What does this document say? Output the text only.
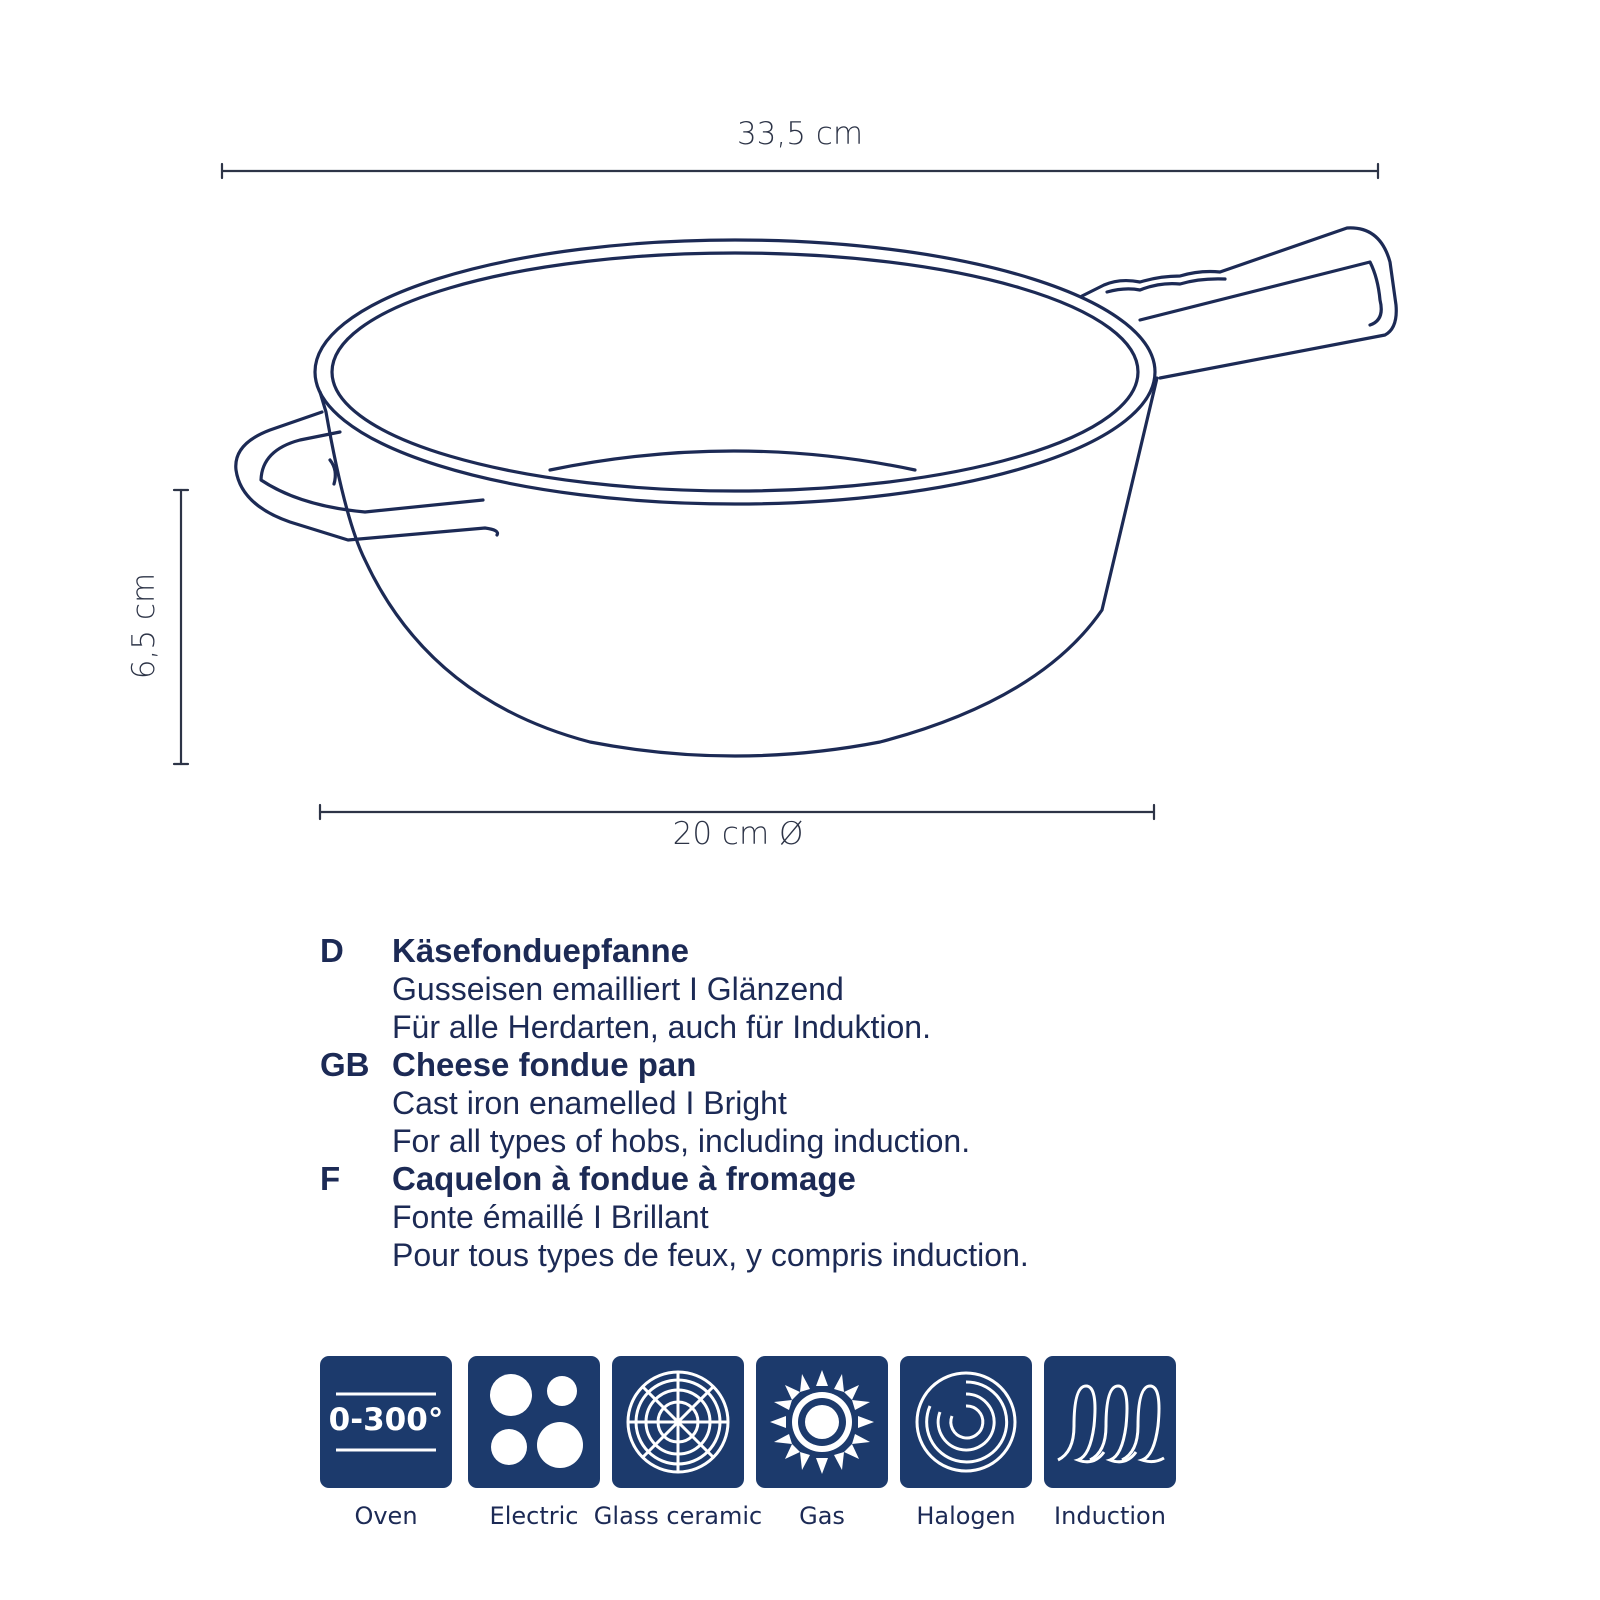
33,5 cm
6,5 cm
20 cm Ø
D Käsefonduepfanne
Gusseisen emailliert I Glänzend
Für alle Herdarten, auch für Induktion.
GB Cheese fondue pan
Cast iron enamelled I Bright
For all types of hobs, including induction.
F Caquelon à fondue à fromage
Fonte émaillé I Brillant
Pour tous types de feux, y compris induction.
0-300°
Oven	Electric Glass ceramic	Gas	Halogen	Induction
